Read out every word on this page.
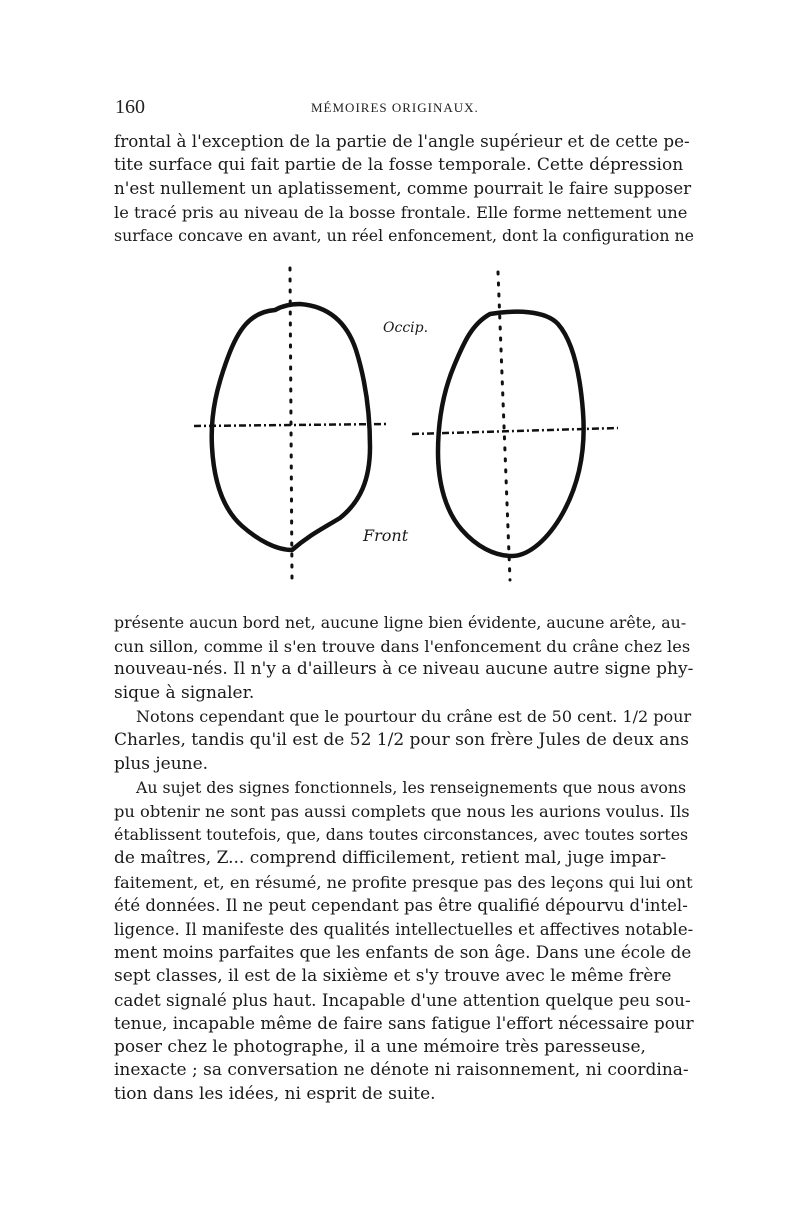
160	MÉMOIRES ORIGINAUX.
frontal à l'exception de la partie de l'angle supérieur et de cette pe-
tite surface qui fait partie de la fosse temporale. Cette dépression
n'est nullement un aplatissement, comme pourrait le faire supposer
le tracé pris au niveau de la bosse frontale. Elle forme nettement une
surface concave en avant, un réel enfoncement, dont la configuration ne
Occip.
Front
présente aucun bord net, aucune ligne bien évidente, aucune arête, au-
cun sillon, comme il s'en trouve dans l'enfoncement du crâne chez les
nouveau-nés. Il n'y a d'ailleurs à ce niveau aucune autre signe phy-
sique à signaler.
Notons cependant que le pourtour du crâne est de 50 cent. 1/2 pour
Charles, tandis qu'il est de 52 1/2 pour son frère Jules de deux ans
plus jeune.
Au sujet des signes fonctionnels, les renseignements que nous avons
pu obtenir ne sont pas aussi complets que nous les aurions voulus. Ils
établissent toutefois, que, dans toutes circonstances, avec toutes sortes
de maîtres, Z... comprend difficilement, retient mal, juge impar-
faitement, et, en résumé, ne profite presque pas des leçons qui lui ont
été données. Il ne peut cependant pas être qualifié dépourvu d'intel-
ligence. Il manifeste des qualités intellectuelles et affectives notable-
ment moins parfaites que les enfants de son âge. Dans une école de
sept classes, il est de la sixième et s'y trouve avec le même frère
cadet signalé plus haut. Incapable d'une attention quelque peu sou-
tenue, incapable même de faire sans fatigue l'effort nécessaire pour
poser chez le photographe, il a une mémoire très paresseuse,
inexacte ; sa conversation ne dénote ni raisonnement, ni coordina-
tion dans les idées, ni esprit de suite.
